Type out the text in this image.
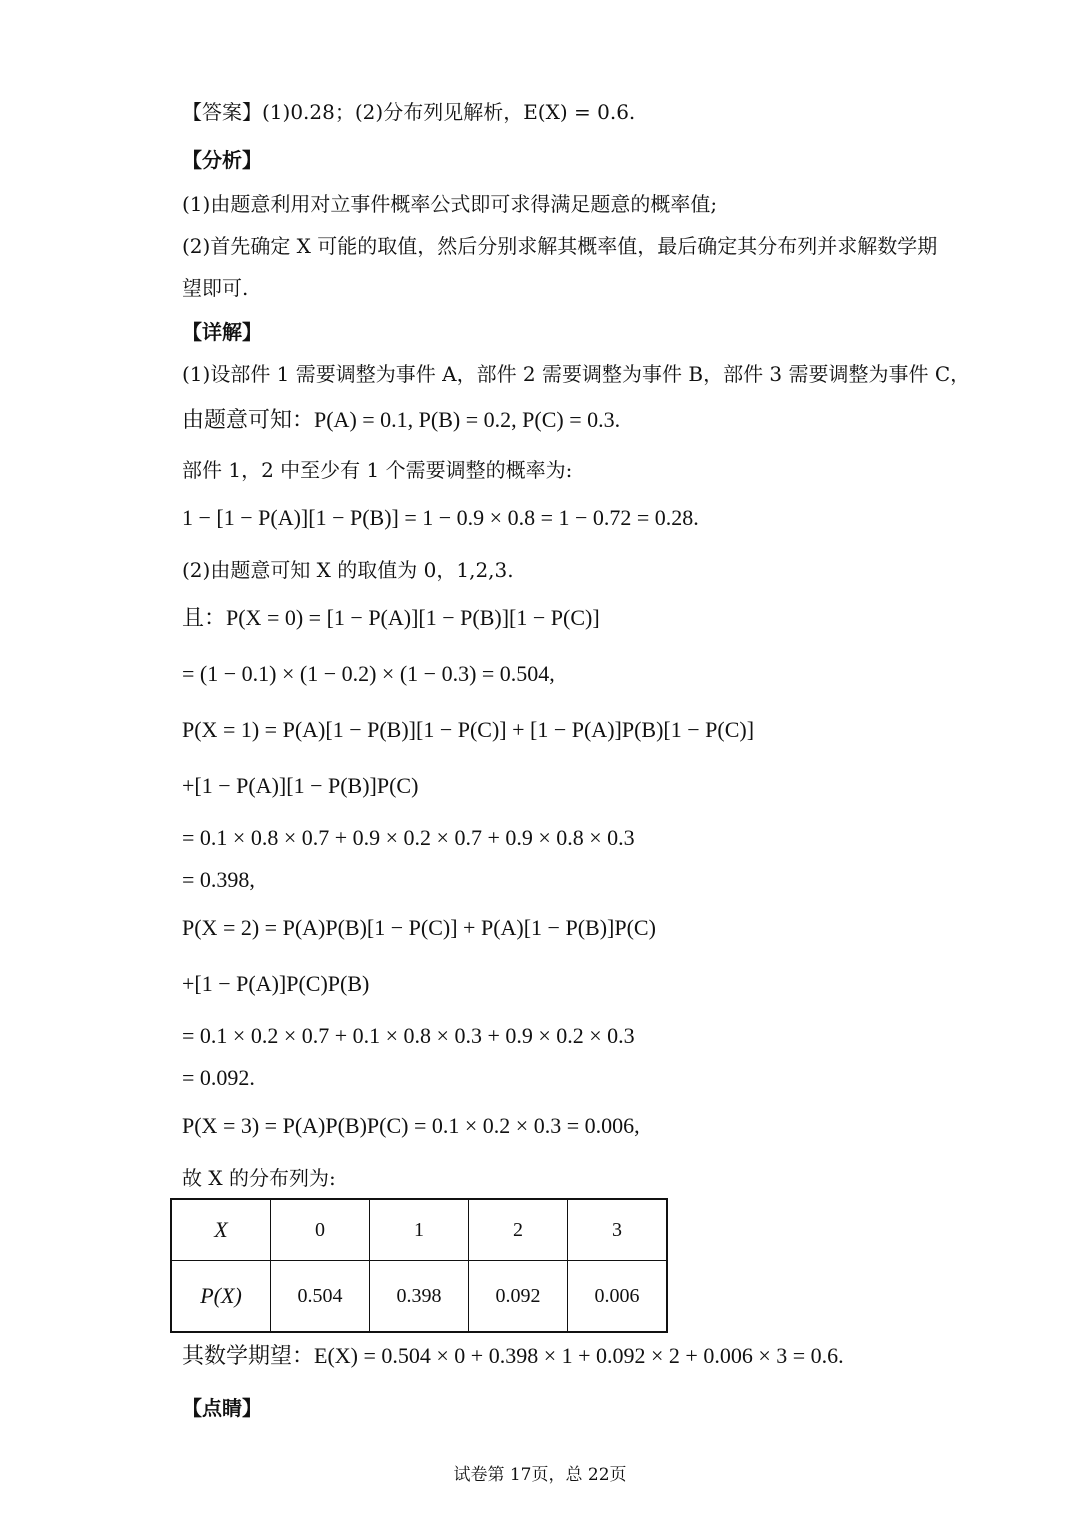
【答案】(1)0.28；(2)分布列见解析，E(X) = 0.6.
【分析】
(1)由题意利用对立事件概率公式即可求得满足题意的概率值;
(2)首先确定 X 可能的取值，然后分别求解其概率值，最后确定其分布列并求解数学期
望即可.
【详解】
(1)设部件 1 需要调整为事件 A，部件 2 需要调整为事件 B，部件 3 需要调整为事件 C，
由题意可知：P(A) = 0.1, P(B) = 0.2, P(C) = 0.3.
部件 1，2 中至少有 1 个需要调整的概率为:
1 − [1 − P(A)][1 − P(B)] = 1 − 0.9 × 0.8 = 1 − 0.72 = 0.28.
(2)由题意可知 X 的取值为 0，1,2,3.
且：P(X = 0) = [1 − P(A)][1 − P(B)][1 − P(C)]
= (1 − 0.1) × (1 − 0.2) × (1 − 0.3) = 0.504,
P(X = 1) = P(A)[1 − P(B)][1 − P(C)] + [1 − P(A)]P(B)[1 − P(C)]
+[1 − P(A)][1 − P(B)]P(C)
= 0.1 × 0.8 × 0.7 + 0.9 × 0.2 × 0.7 + 0.9 × 0.8 × 0.3
= 0.398,
P(X = 2) = P(A)P(B)[1 − P(C)] + P(A)[1 − P(B)]P(C)
+[1 − P(A)]P(C)P(B)
= 0.1 × 0.2 × 0.7 + 0.1 × 0.8 × 0.3 + 0.9 × 0.2 × 0.3
= 0.092.
P(X = 3) = P(A)P(B)P(C) = 0.1 × 0.2 × 0.3 = 0.006,
故 X 的分布列为:
X	0	1	2	3
P(X)	0.504	0.398	0.092	0.006
其数学期望：E(X) = 0.504 × 0 + 0.398 × 1 + 0.092 × 2 + 0.006 × 3 = 0.6.
【点睛】
试卷第 17页，总 22页
